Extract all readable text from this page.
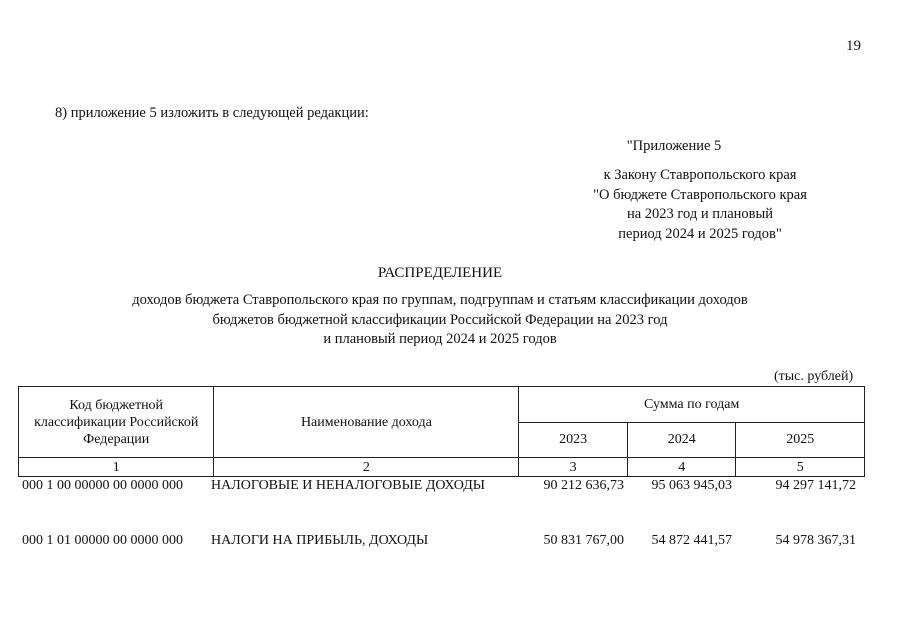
19
8) приложение 5 изложить в следующей редакции:
"Приложение 5
к Закону Ставропольского края
"О бюджете Ставропольского края
на 2023 год и плановый
период 2024 и 2025 годов"
РАСПРЕДЕЛЕНИЕ
доходов бюджета Ставропольского края по группам, подгруппам и статьям классификации доходов
бюджетов бюджетной классификации Российской Федерации на 2023 год
и плановый период 2024 и 2025 годов
(тыс. рублей)
Код бюджетной
классификации Российской
Федерации	Наименование дохода	Сумма по годам		
		2023	2024	2025
1	2	3	4	5
000 1 00 00000 00 0000 000 НАЛОГОВЫЕ И НЕНАЛОГОВЫЕ ДОХОДЫ	90 212 636,73	95 063 945,03	94 297 141,72
000 1 01 00000 00 0000 000 НАЛОГИ НА ПРИБЫЛЬ, ДОХОДЫ	50 831 767,00	54 872 441,57	54 978 367,31
